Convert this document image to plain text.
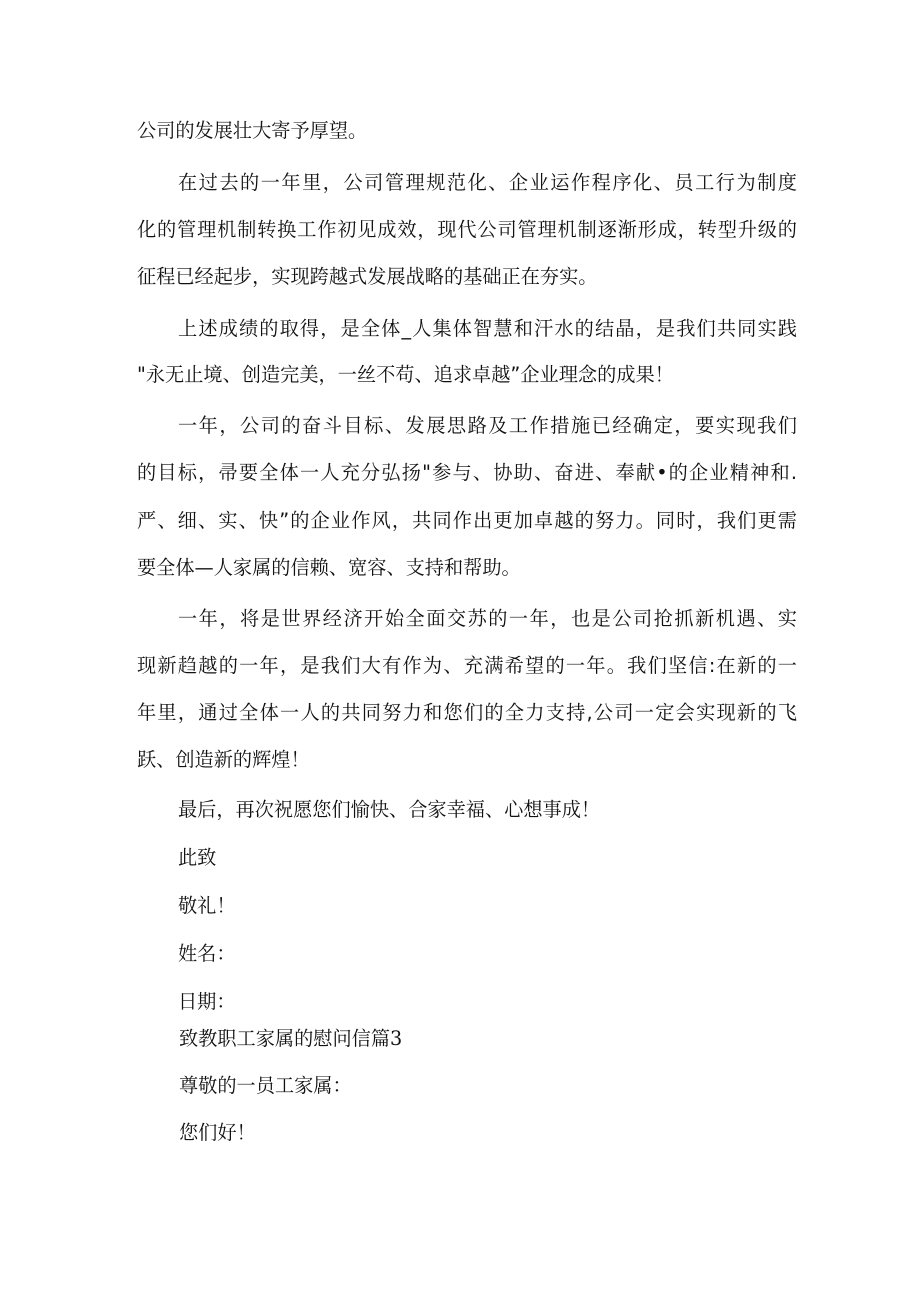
公司的发展壮大寄予厚望。
在过去的一年里，公司管理规范化、企业运作程序化、员工行为制度
化的管理机制转换工作初见成效，现代公司管理机制逐渐形成，转型升级的
征程已经起步，实现跨越式发展战略的基础正在夯实。
上述成绩的取得，是全体_人集体智慧和汗水的结晶，是我们共同实践
"永无止境、创造完美，一丝不苟、追求卓越”企业理念的成果！
一年，公司的奋斗目标、发展思路及工作措施已经确定，要实现我们
的目标，帚要全体一人充分弘扬"参与、协助、奋进、奉献•的企业精神和.
严、细、实、快”的企业作风，共同作出更加卓越的努力。同时，我们更需
要全体—人家属的信赖、宽容、支持和帮助。
一年，将是世界经济开始全面交苏的一年，也是公司抢抓新机遇、实
现新趋越的一年，是我们大有作为、充满希望的一年。我们坚信:在新的一
年里，通过全体一人的共同努力和您们的全力支持,公司一定会实现新的飞
跃、创造新的辉煌！
最后，再次祝愿您们愉快、合家幸福、心想事成！
此致
敬礼！
姓名：
日期：
致教职工家属的慰问信篇3
尊敬的一员工家属：
您们好！
